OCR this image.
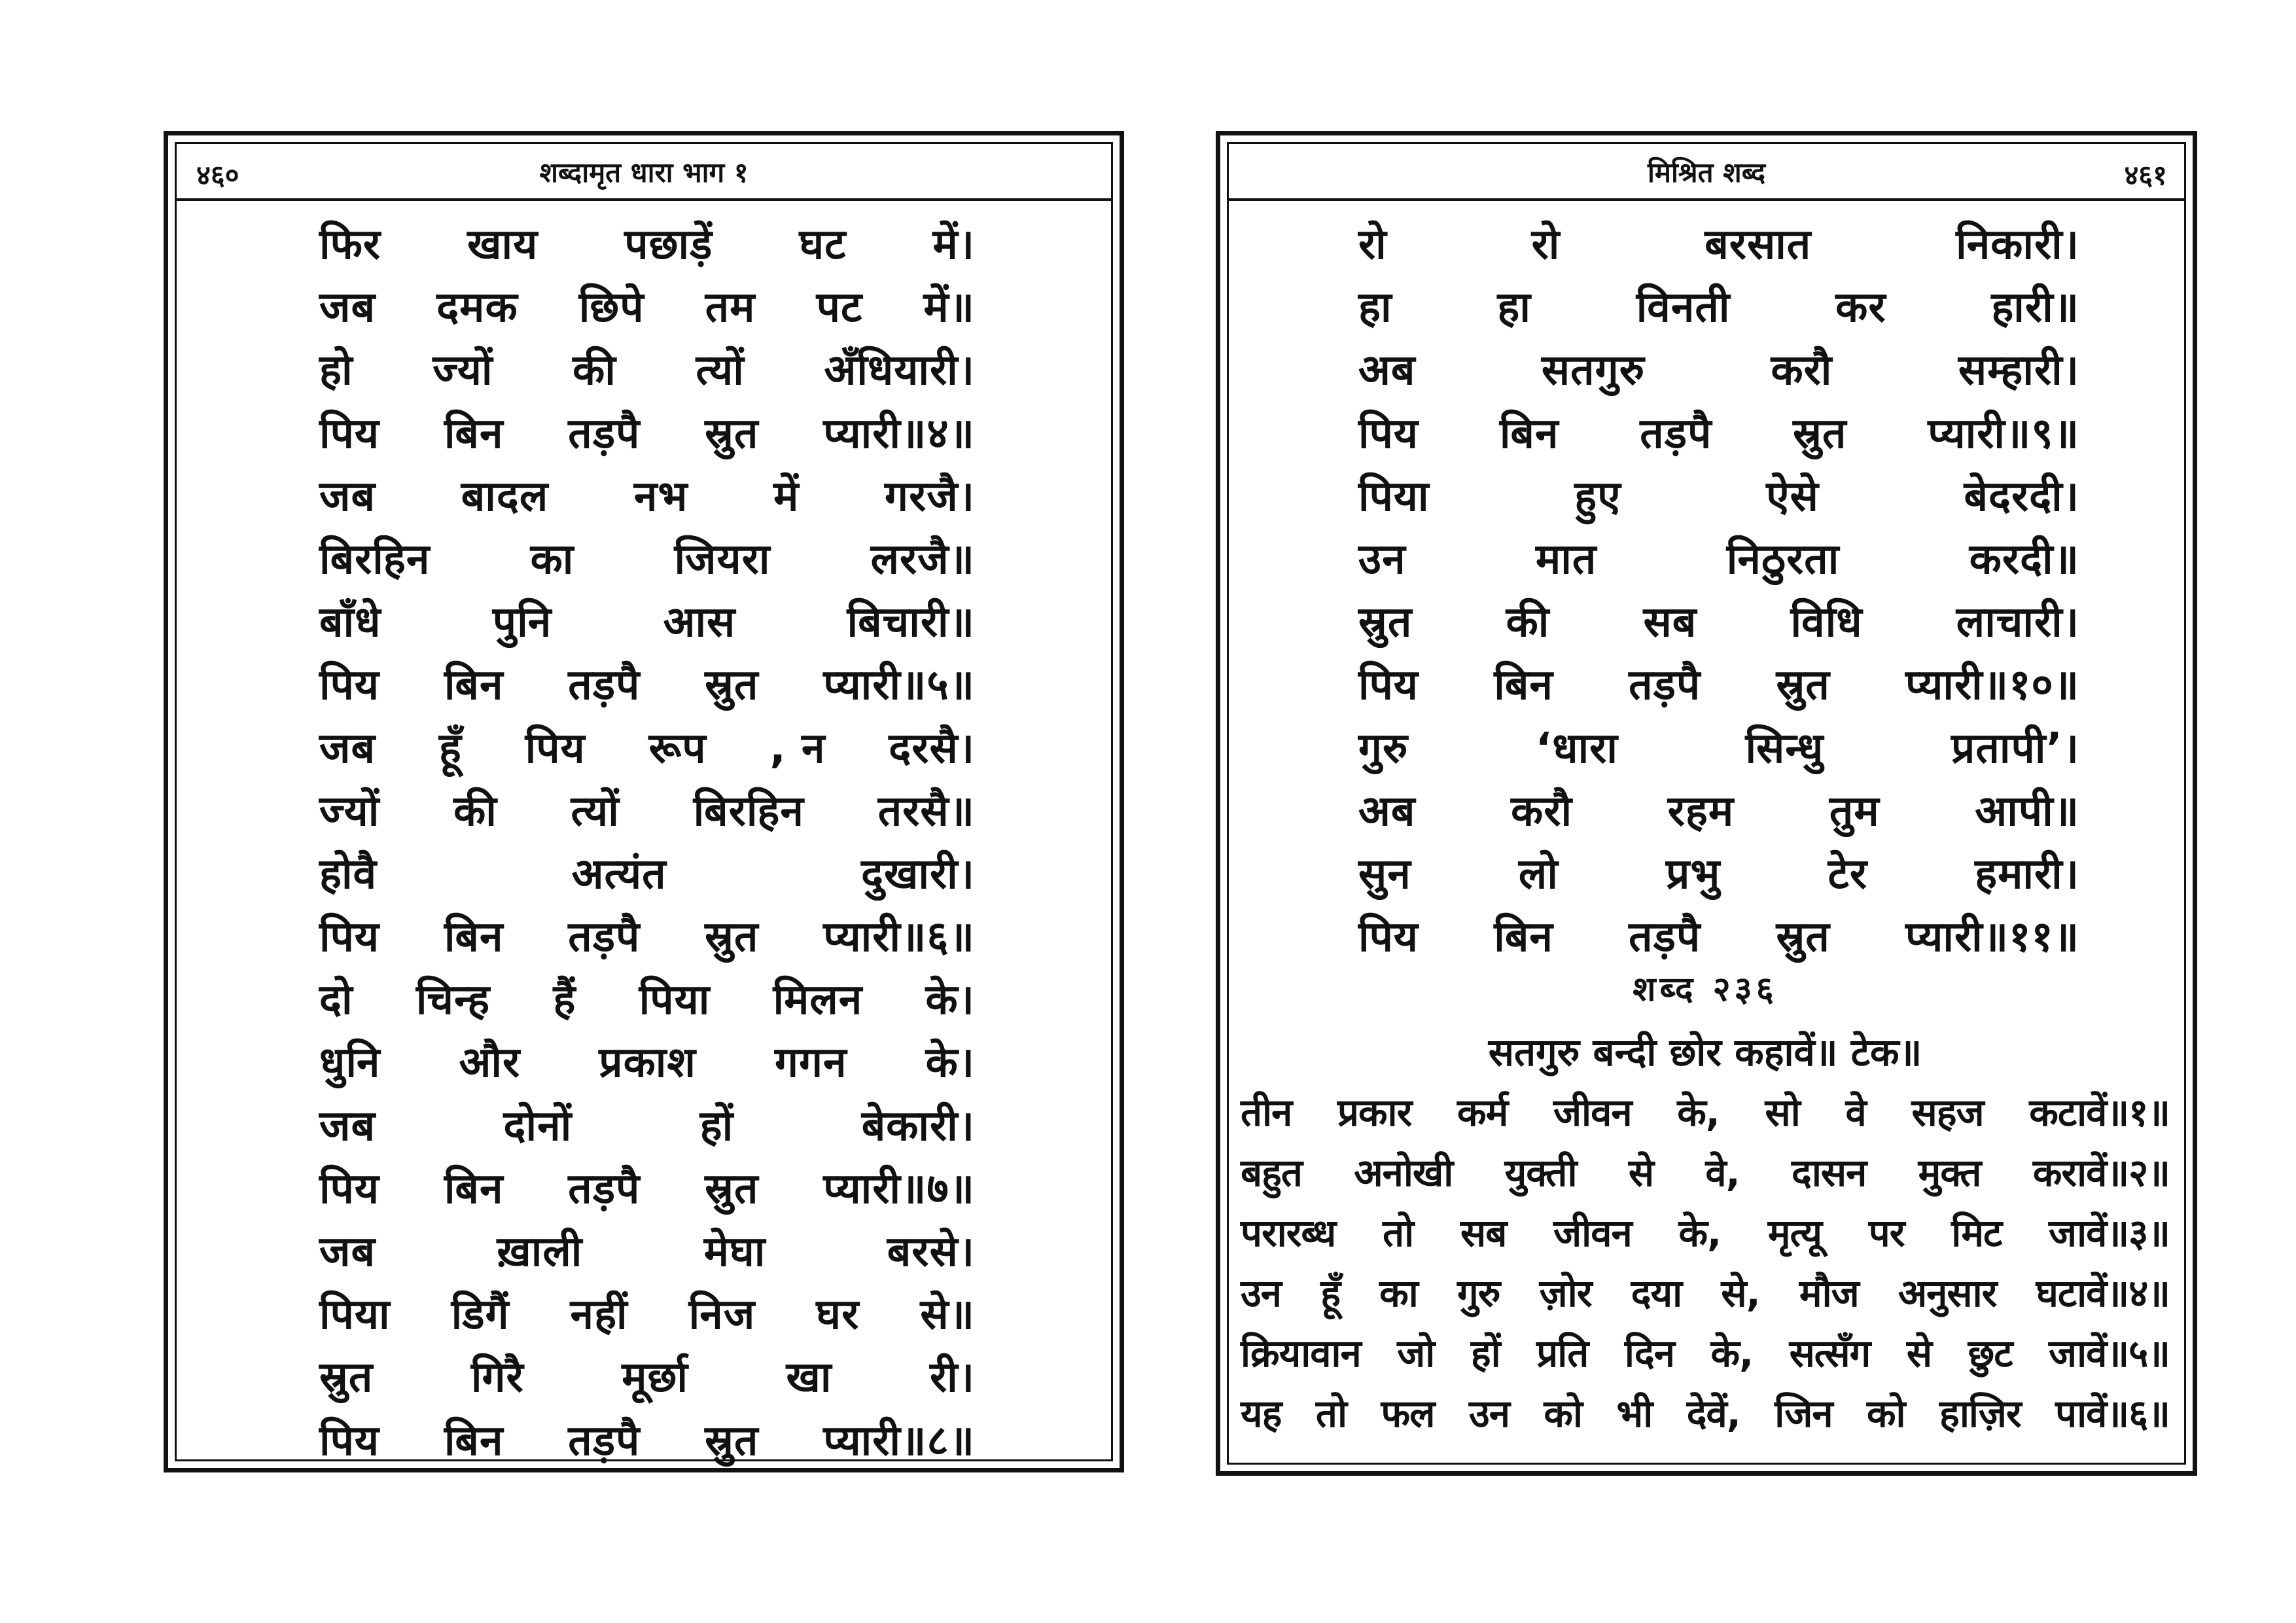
४६०	शब्दामृत धारा भाग १
फिर खाय पछाड़ें घट में।
जब दमक छिपे तम पट में॥
हो ज्यों की त्यों अँधियारी।
पिय बिन तड़पै स्रुत प्यारी॥४॥
जब बादल नभ में गरजै।
बिरहिन का जियरा लरजै॥
बाँधे	पुनि	आस	बिचारी॥
पिय बिन तड़पै स्रुत प्यारी॥५॥
जब हूँ पिय रूप , न दरसै।
ज्यों की त्यों बिरहिन तरसै॥
होवै	अत्यंत	दुखारी।
पिय बिन तड़पै स्रुत प्यारी॥६॥
दो चिन्ह हैं पिया मिलन के।
धुनि और प्रकाश गगन के।
जब	दोनों	हों	बेकारी।
पिय बिन तड़पै स्रुत प्यारी॥७॥
जब	ख़ाली	मेघा	बरसे।
पिया डिगैं नहीं निज घर से॥
स्रुत गिरै मूर्छा खा री।
पिय बिन तड़पै स्रुत प्यारी॥८॥
मिश्रित शब्द	४६१
रो	रो	बरसात	निकारी।
हा	हा	विनती	कर	हारी॥
अब	सतगुरु	करौ	सम्हारी।
पिय बिन तड़पै स्रुत प्यारी॥९॥
पिया	हुए	ऐसे	बेदरदी।
उन	मात	निठुरता	करदी॥
स्रुत की सब विधि लाचारी।
पिय बिन तड़पै स्रुत प्यारी॥१०॥
गुरु	‘धारा	सिन्धु	प्रतापी’।
अब करौ रहम तुम आपी॥
सुन	लो	प्रभु	टेर	हमारी।
पिय बिन तड़पै स्रुत प्यारी॥११॥
शब्द २३६
सतगुरु बन्दी छोर कहावें॥ टेक॥
तीन प्रकार कर्म जीवन के, सो वे सहज कटावें॥१॥
बहुत अनोखी युक्ती से वे, दासन मुक्त करावें॥२॥
परारब्ध तो सब जीवन के, मृत्यू पर मिट जावें॥३॥
उन हूँ का गुरु ज़ोर दया से, मौज अनुसार घटावें॥४॥
क्रियावान जो हों प्रति दिन के, सत्सँग से छुट जावें॥५॥
यह तो फल उन को भी देवें, जिन को हाज़िर पावें॥६॥
